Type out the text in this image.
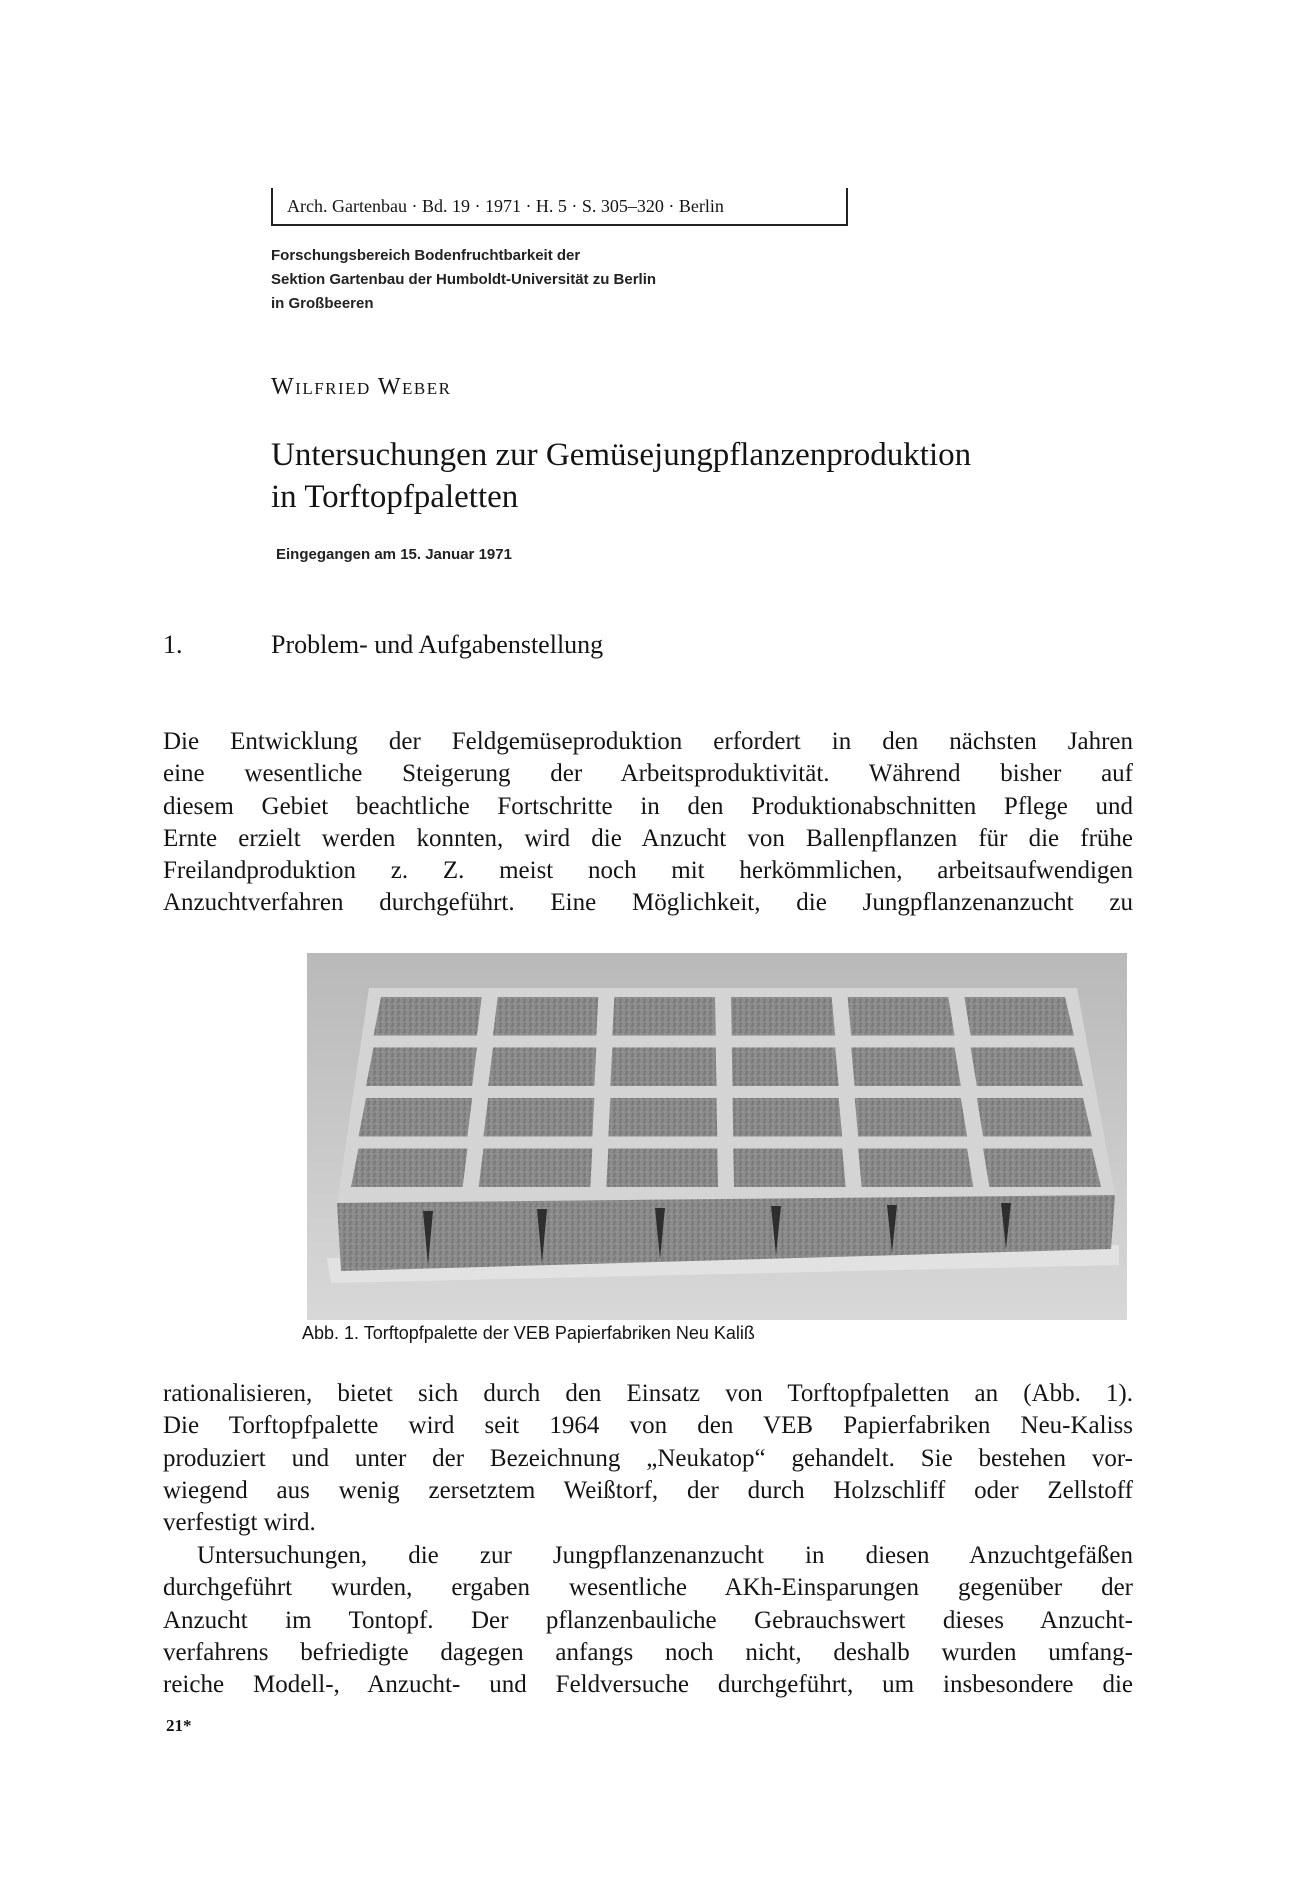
Arch. Gartenbau · Bd. 19 · 1971 · H. 5 · S. 305–320 · Berlin
Forschungsbereich Bodenfruchtbarkeit der
Sektion Gartenbau der Humboldt-Universität zu Berlin
in Großbeeren
Wilfried Weber
Untersuchungen zur Gemüsejungpflanzenproduktion
in Torftopfpaletten
Eingegangen am 15. Januar 1971
1.	Problem- und Aufgabenstellung
Die Entwicklung der Feldgemüseproduktion erfordert in den nächsten Jahren
eine wesentliche Steigerung der Arbeitsproduktivität. Während bisher auf
diesem Gebiet beachtliche Fortschritte in den Produktionabschnitten Pflege und
Ernte erzielt werden konnten, wird die Anzucht von Ballenpflanzen für die frühe
Freilandproduktion z. Z. meist noch mit herkömmlichen, arbeitsaufwendigen
Anzuchtverfahren durchgeführt. Eine Möglichkeit, die Jungpflanzenanzucht zu
Abb. 1. Torftopfpalette der VEB Papierfabriken Neu Kaliß
rationalisieren, bietet sich durch den Einsatz von Torftopfpaletten an (Abb. 1).
Die Torftopfpalette wird seit 1964 von den VEB Papierfabriken Neu-Kaliss
produziert und unter der Bezeichnung „Neukatop“ gehandelt. Sie bestehen vor-
wiegend aus wenig zersetztem Weißtorf, der durch Holzschliff oder Zellstoff
verfestigt wird.
Untersuchungen, die zur Jungpflanzenanzucht in diesen Anzuchtgefäßen
durchgeführt wurden, ergaben wesentliche AKh-Einsparungen gegenüber der
Anzucht im Tontopf. Der pflanzenbauliche Gebrauchswert dieses Anzucht-
verfahrens befriedigte dagegen anfangs noch nicht, deshalb wurden umfang-
reiche Modell-, Anzucht- und Feldversuche durchgeführt, um insbesondere die
21*
